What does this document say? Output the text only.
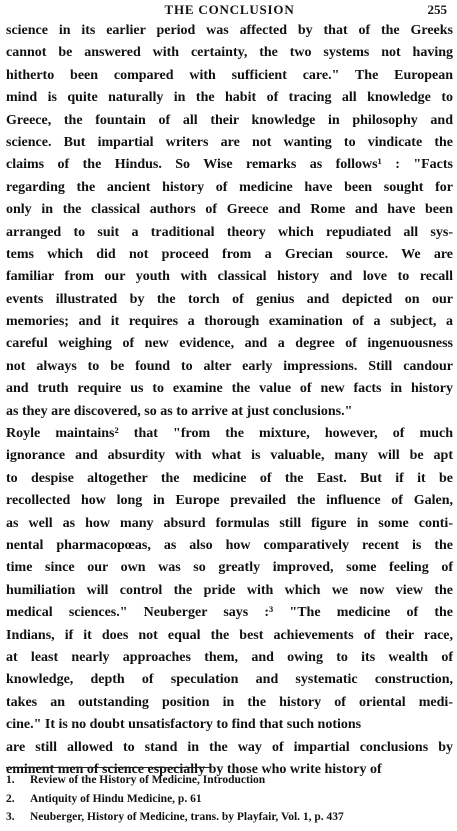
THE CONCLUSION	255
science in its earlier period was affected by that of the Greeks
cannot be answered with certainty, the two systems not having
hitherto been compared with sufficient care." The European
mind is quite naturally in the habit of tracing all knowledge to
Greece, the fountain of all their knowledge in philosophy and
science. But impartial writers are not wanting to vindicate the
claims of the Hindus. So Wise remarks as follows¹ : "Facts
regarding the ancient history of medicine have been sought for
only in the classical authors of Greece and Rome and have been
arranged to suit a traditional theory which repudiated all sys-
tems which did not proceed from a Grecian source. We are
familiar from our youth with classical history and love to recall
events illustrated by the torch of genius and depicted on our
memories; and it requires a thorough examination of a subject, a
careful weighing of new evidence, and a degree of ingenuousness
not always to be found to alter early impressions. Still candour
and truth require us to examine the value of new facts in history
as they are discovered, so as to arrive at just conclusions."
Royle maintains² that "from the mixture, however, of much
ignorance and absurdity with what is valuable, many will be apt
to despise altogether the medicine of the East. But if it be
recollected how long in Europe prevailed the influence of Galen,
as well as how many absurd formulas still figure in some conti-
nental pharmacopœas, as also how comparatively recent is the
time since our own was so greatly improved, some feeling of
humiliation will control the pride with which we now view the
medical sciences." Neuberger says :³ "The medicine of the
Indians, if it does not equal the best achievements of their race,
at least nearly approaches them, and owing to its wealth of
knowledge, depth of speculation and systematic construction,
takes an outstanding position in the history of oriental medi-
cine." It is no doubt unsatisfactory to find that such notions
are still allowed to stand in the way of impartial conclusions by
eminent men of science especially by those who write history of
1. Review of the History of Medicine, Introduction
2. Antiquity of Hindu Medicine, p. 61
3. Neuberger, History of Medicine, trans. by Playfair, Vol. 1, p. 437
